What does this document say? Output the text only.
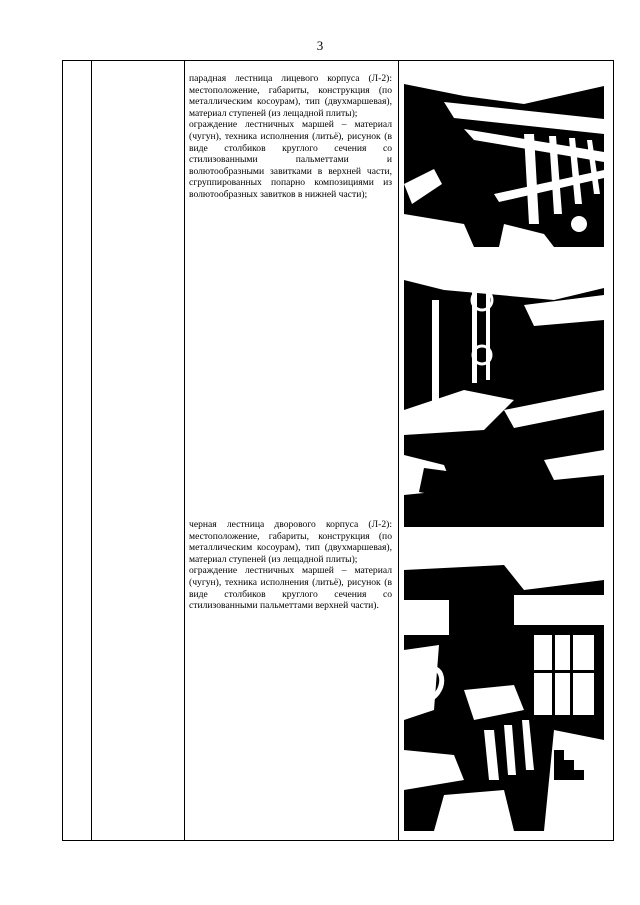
3

парадная лестница лицевого корпуса (Л-2): местоположение, габариты, конструкция (по металлическим косоурам), тип (двухмаршевая), материал ступеней (из лещадной плиты);

ограждение лестничных маршей – материал (чугун), техника исполнения (литьё), рисунок (в виде столбиков круглого сечения со стилизованными пальметтами и волютообразными завитками в верхней части, сгруппированных попарно композициями из волютообразных завитков в нижней части);

черная лестница дворового корпуса (Л-2): местоположение, габариты, конструкция (по металлическим косоурам), тип (двухмаршевая), материал ступеней (из лещадной плиты);

ограждение лестничных маршей – материал (чугун), техника исполнения (литьё), рисунок (в виде столбиков круглого сечения со стилизованными пальметтами верхней части).
